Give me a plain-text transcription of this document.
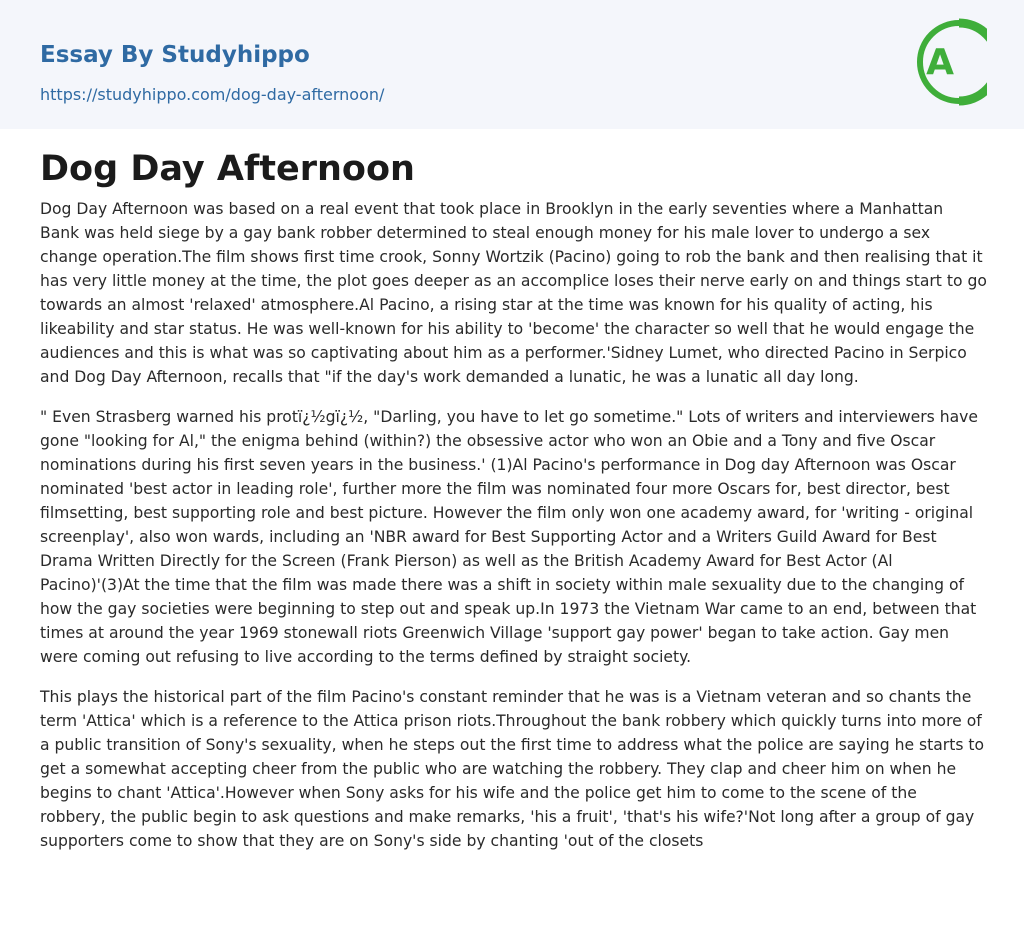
Essay By Studyhippo
https://studyhippo.com/dog-day-afternoon/
A
Dog Day Afternoon

Dog Day Afternoon was based on a real event that took place in Brooklyn in the early seventies where a Manhattan Bank was held siege by a gay bank robber determined to steal enough money for his male lover to undergo a sex change operation.The film shows first time crook, Sonny Wortzik (Pacino) going to rob the bank and then realising that it has very little money at the time, the plot goes deeper as an accomplice loses their nerve early on and things start to go towards an almost 'relaxed' atmosphere.Al Pacino, a rising star at the time was known for his quality of acting, his likeability and star status. He was well-known for his ability to 'become' the character so well that he would engage the audiences and this is what was so captivating about him as a performer.'Sidney Lumet, who directed Pacino in Serpico and Dog Day Afternoon, recalls that "if the day's work demanded a lunatic, he was a lunatic all day long.

" Even Strasberg warned his protï¿½gï¿½, "Darling, you have to let go sometime." Lots of writers and interviewers have gone "looking for Al," the enigma behind (within?) the obsessive actor who won an Obie and a Tony and five Oscar nominations during his first seven years in the business.' (1)Al Pacino's performance in Dog day Afternoon was Oscar nominated 'best actor in leading role', further more the film was nominated four more Oscars for, best director, best filmsetting, best supporting role and best picture. However the film only won one academy award, for 'writing - original screenplay', also won wards, including an 'NBR award for Best Supporting Actor and a Writers Guild Award for Best Drama Written Directly for the Screen (Frank Pierson) as well as the British Academy Award for Best Actor (Al Pacino)'(3)At the time that the film was made there was a shift in society within male sexuality due to the changing of how the gay societies were beginning to step out and speak up.In 1973 the Vietnam War came to an end, between that times at around the year 1969 stonewall riots Greenwich Village 'support gay power' began to take action. Gay men were coming out refusing to live according to the terms defined by straight society.

This plays the historical part of the film Pacino's constant reminder that he was is a Vietnam veteran and so chants the term 'Attica' which is a reference to the Attica prison riots.Throughout the bank robbery which quickly turns into more of a public transition of Sony's sexuality, when he steps out the first time to address what the police are saying he starts to get a somewhat accepting cheer from the public who are watching the robbery. They clap and cheer him on when he begins to chant 'Attica'.However when Sony asks for his wife and the police get him to come to the scene of the robbery, the public begin to ask questions and make remarks, 'his a fruit', 'that's his wife?'Not long after a group of gay supporters come to show that they are on Sony's side by chanting 'out of the closets
